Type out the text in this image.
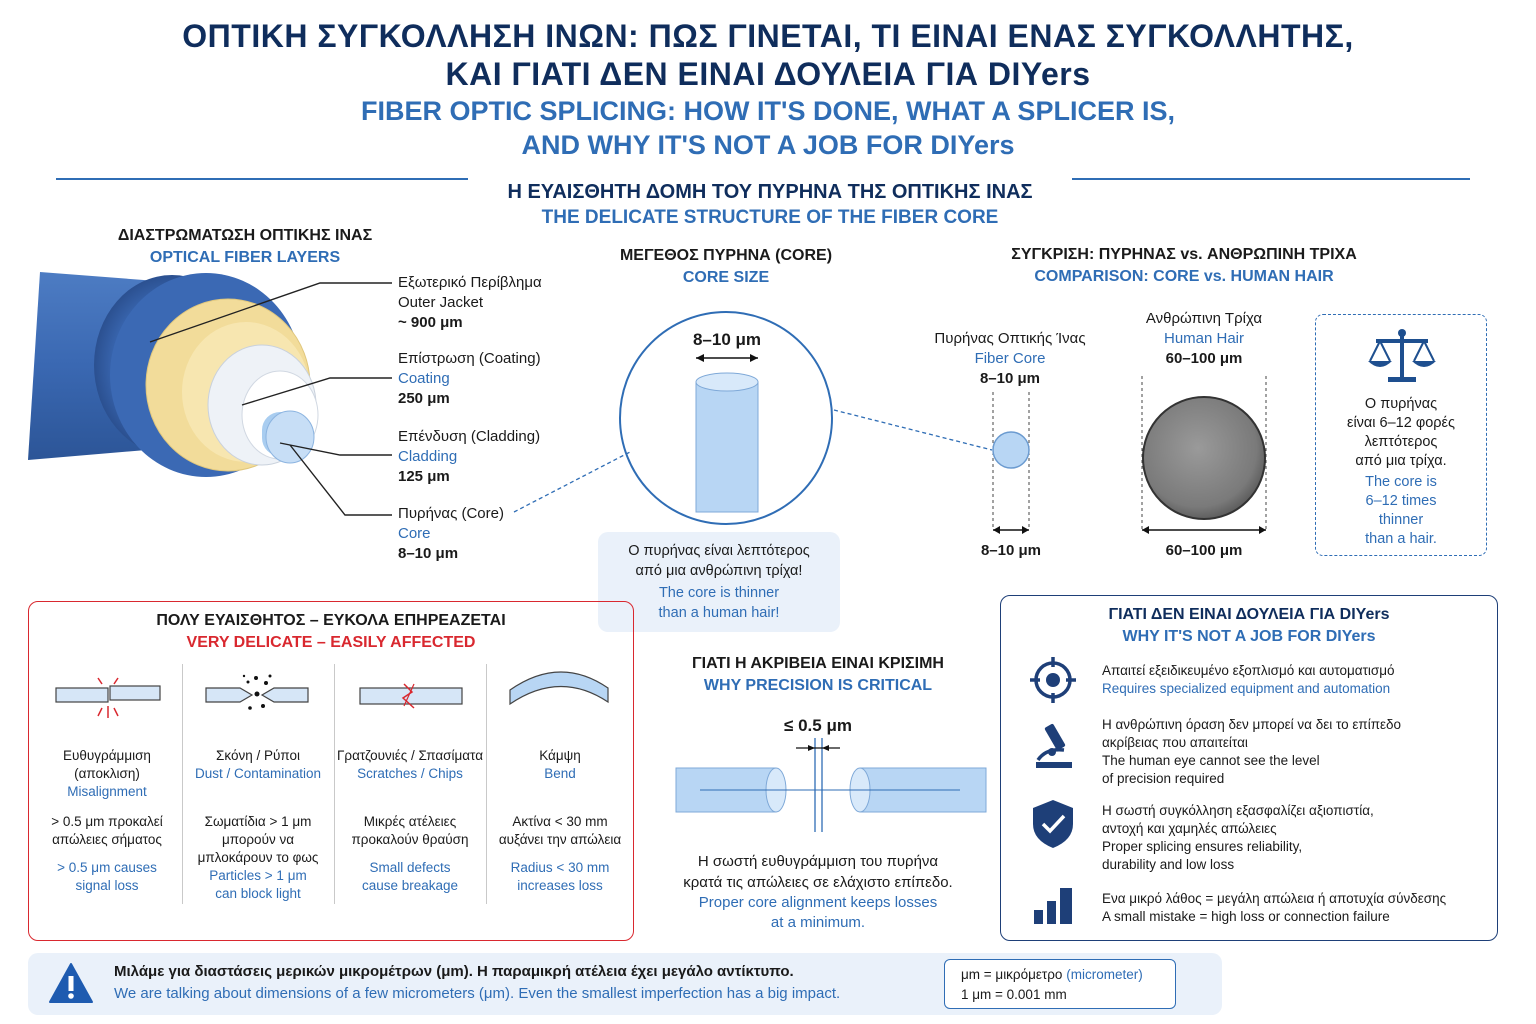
ΟΠΤΙΚΗ ΣΥΓΚΟΛΛΗΣΗ ΙΝΩΝ: ΠΩΣ ΓΙΝΕΤΑΙ, ΤΙ ΕΙΝΑΙ ΕΝΑΣ ΣΥΓΚΟΛΛΗΤΗΣ,
ΚΑΙ ΓΙΑΤΙ ΔΕΝ ΕΙΝΑΙ ΔΟΥΛΕΙΑ ΓΙΑ DIYers
FIBER OPTIC SPLICING: HOW IT'S DONE, WHAT A SPLICER IS,
AND WHY IT'S NOT A JOB FOR DIYers
Η ΕΥΑΙΣΘΗΤΗ ΔΟΜΗ ΤΟΥ ΠΥΡΗΝΑ ΤΗΣ ΟΠΤΙΚΗΣ ΙΝΑΣ
THE DELICATE STRUCTURE OF THE FIBER CORE
ΔΙΑΣΤΡΩΜΑΤΩΣΗ ΟΠΤΙΚΗΣ ΙΝΑΣ
OPTICAL FIBER LAYERS
Εξωτερικό Περίβλημα
Outer Jacket
~ 900 μm
Επίστρωση (Coating)
Coating
250 μm
Επένδυση (Cladding)
Cladding
125 μm
Πυρήνας (Core)
Core
8–10 μm
ΜΕΓΕΘΟΣ ΠΥΡΗΝΑ (CORE)
CORE SIZE
8–10 μm
Ο πυρήνας είναι λεπτότερος
από μια ανθρώπινη τρίχα!
The core is thinner
than a human hair!
ΣΥΓΚΡΙΣΗ: ΠΥΡΗΝΑΣ vs. ΑΝΘΡΩΠΙΝΗ ΤΡΙΧΑ
COMPARISON: CORE vs. HUMAN HAIR
Πυρήνας Οπτικής Ίνας
Fiber Core
8–10 μm
Ανθρώπινη Τρίχα
Human Hair
60–100 μm
8–10 μm	60–100 μm
Ο πυρήνας
είναι 6–12 φορές
λεπτότερος
από μια τρίχα.
The core is
6–12 times
thinner
than a hair.
ΠΟΛΥ ΕΥΑΙΣΘΗΤΟΣ – ΕΥΚΟΛΑ ΕΠΗΡΕΑΖΕΤΑΙ
VERY DELICATE – EASILY AFFECTED
Ευθυγράμμιση
(αποκλιση)
Misalignment
> 0.5 μm προκαλεί
απώλειες σήματος
> 0.5 μm causes
signal loss
Σκόνη / Ρύποι
Dust / Contamination
Σωματίδια > 1 μm
μπορούν να
μπλοκάρουν το φως
Particles > 1 μm
can block light
Γρατζουνιές / Σπασίματα
Scratches / Chips
Μικρές ατέλειες
προκαλούν θραύση
Small defects
cause breakage
Κάμψη
Bend
Ακτίνα < 30 mm
αυξάνει την απώλεια
Radius < 30 mm
increases loss
ΓΙΑΤΙ Η ΑΚΡΙΒΕΙΑ ΕΙΝΑΙ ΚΡΙΣΙΜΗ
WHY PRECISION IS CRITICAL
≤ 0.5 μm
Η σωστή ευθυγράμμιση του πυρήνα
κρατά τις απώλειες σε ελάχιστο επίπεδο.
Proper core alignment keeps losses
at a minimum.
ΓΙΑΤΙ ΔΕΝ ΕΙΝΑΙ ΔΟΥΛΕΙΑ ΓΙΑ DIYers
WHY IT'S NOT A JOB FOR DIYers
Απαιτεί εξειδικευμένο εξοπλισμό και αυτοματισμό
Requires specialized equipment and automation
Η ανθρώπινη όραση δεν μπορεί να δει το επίπεδο
ακρίβειας που απαιτείται
The human eye cannot see the level
of precision required
Η σωστή συγκόλληση εξασφαλίζει αξιοπιστία,
αντοχή και χαμηλές απώλειες
Proper splicing ensures reliability,
durability and low loss
Ενα μικρό λάθος = μεγάλη απώλεια ή αποτυχία σύνδεσης
A small mistake = high loss or connection failure
Μιλάμε για διαστάσεις μερικών μικρομέτρων (μm). Η παραμικρή ατέλεια έχει μεγάλο αντίκτυπο.
We are talking about dimensions of a few micrometers (μm). Even the smallest imperfection has a big impact.
μm = μικρόμετρο (micrometer)
1 μm = 0.001 mm
